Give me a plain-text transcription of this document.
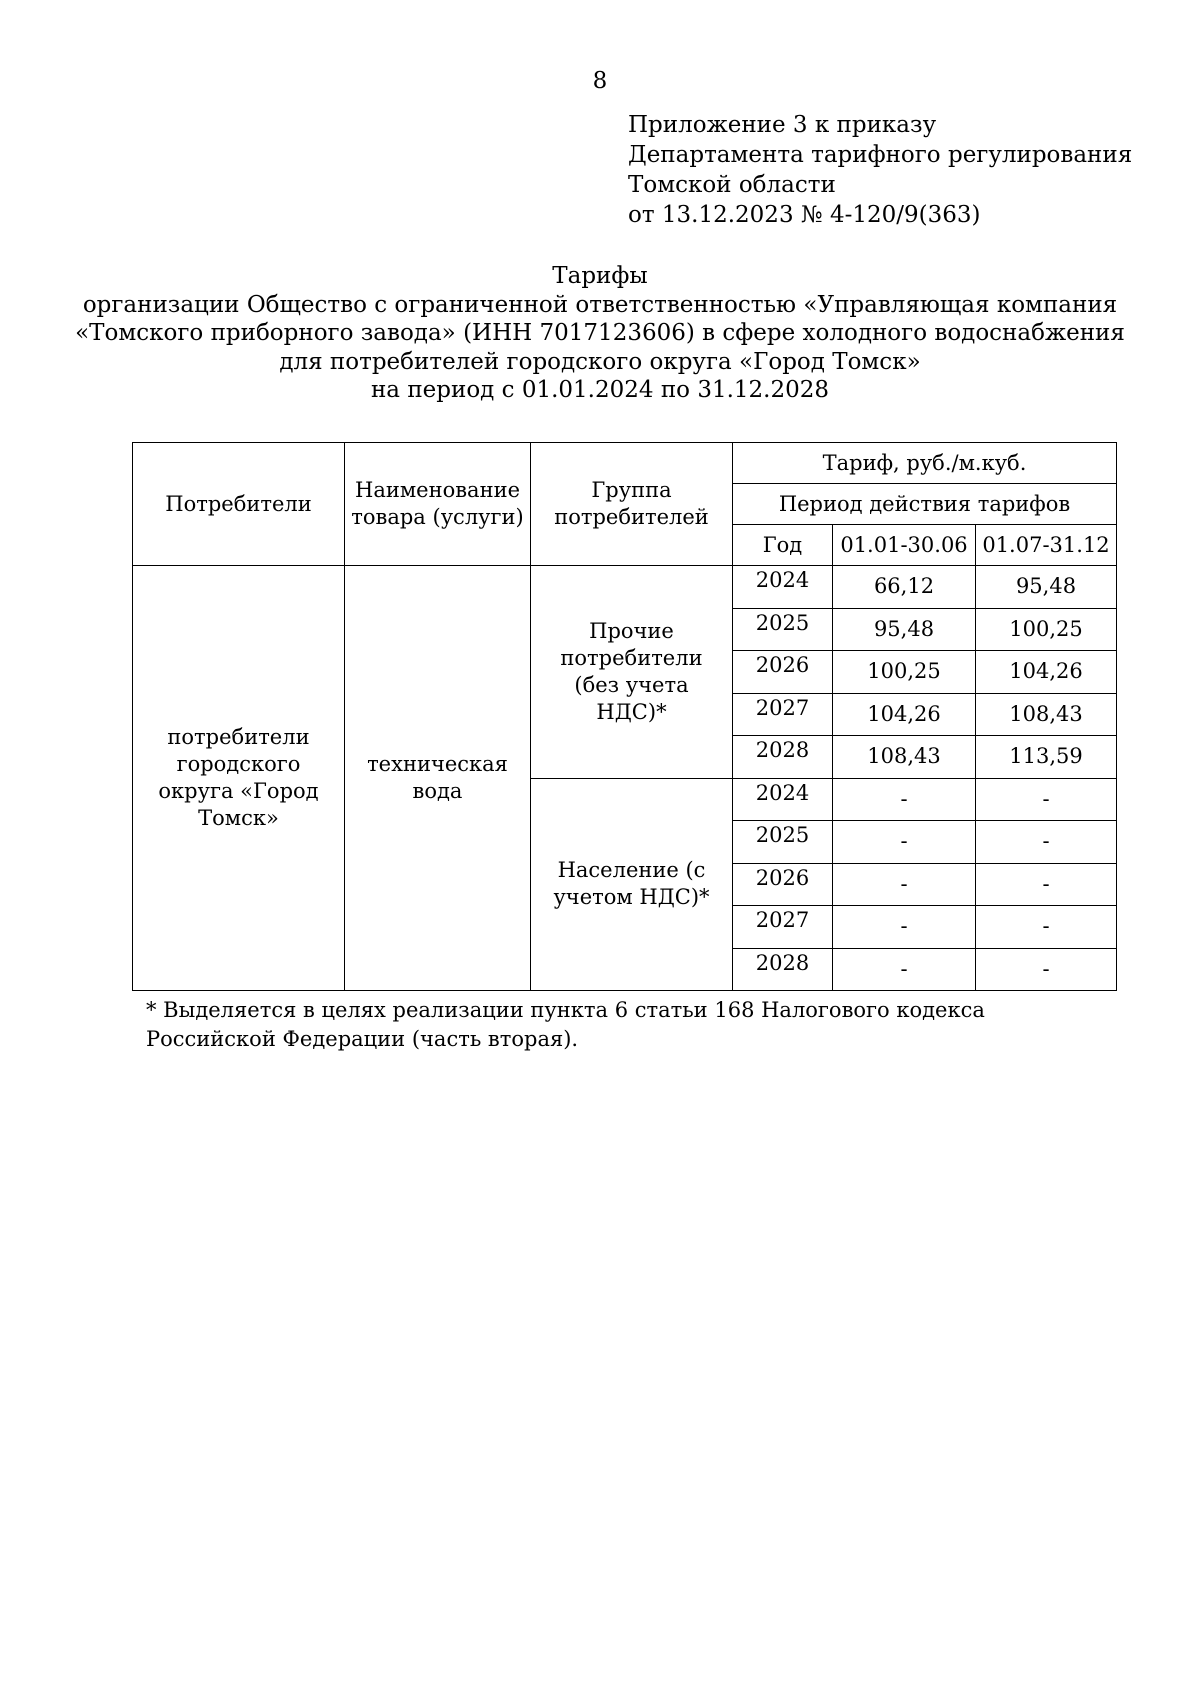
8
Приложение 3 к приказу
Департамента тарифного регулирования
Томской области
от 13.12.2023 № 4-120/9(363)
Тарифы
организации Общество с ограниченной ответственностью «Управляющая компания
«Томского приборного завода» (ИНН 7017123606) в сфере холодного водоснабжения
для потребителей городского округа «Город Томск»
на период с 01.01.2024 по 31.12.2028
Потребители	Наименование товара (услуги)	Группа потребителей	Тариф, руб./м.куб.		
			Период действия тарифов		
			Год	01.01-30.06	01.07-31.12
потребители городского округа «Город Томск»	техническая вода	Прочие потребители (без учета НДС)*	2024	66,12	95,48
			2025	95,48	100,25
			2026	100,25	104,26
			2027	104,26	108,43
			2028	108,43	113,59
		Население (с учетом НДС)*	2024	-	-
			2025	-	-
			2026	-	-
			2027	-	-
			2028	-	-
* Выделяется в целях реализации пункта 6 статьи 168 Налогового кодекса Российской Федерации (часть вторая).
